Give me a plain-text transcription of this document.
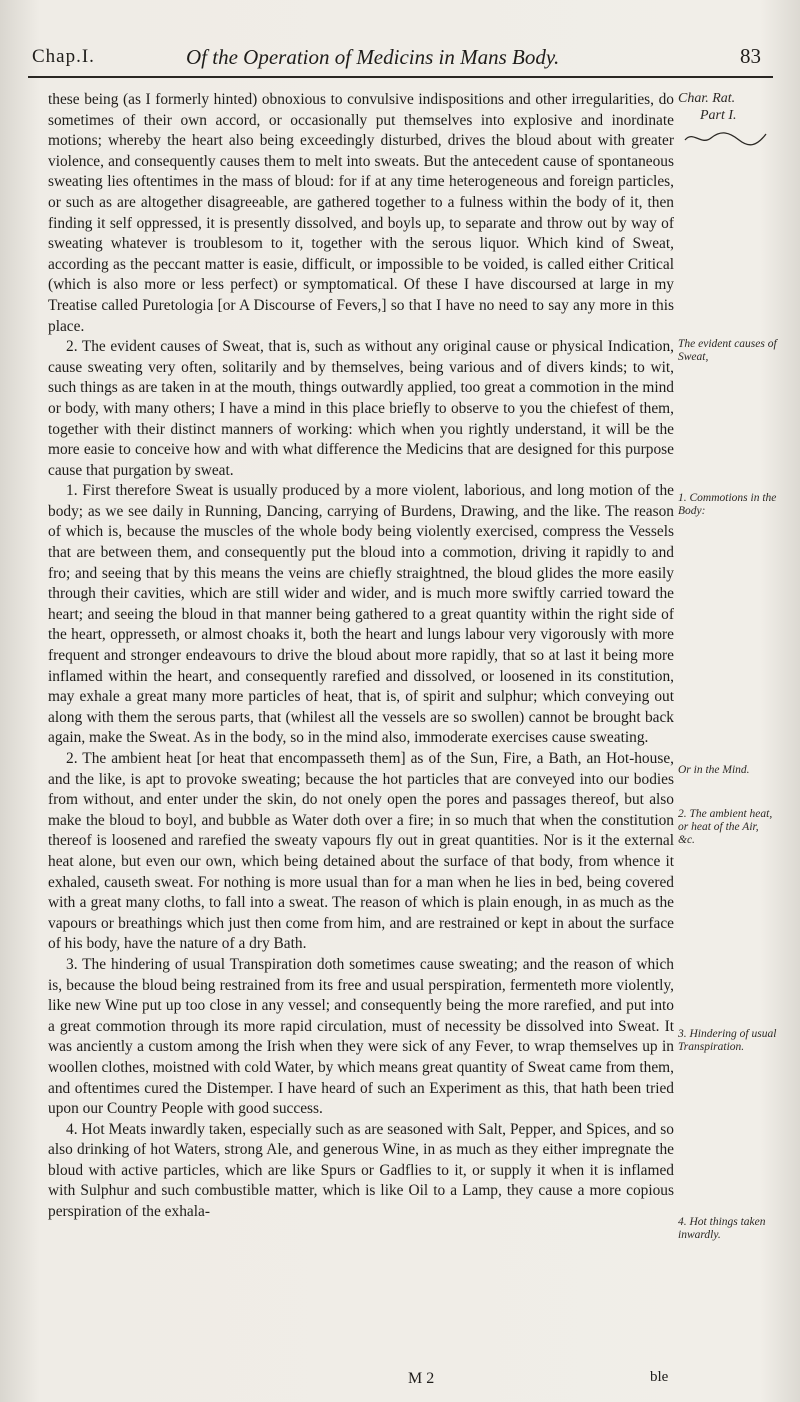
Chap.I.	Of the Operation of Medicins in Mans Body.	83

these being (as I formerly hinted) obnoxious to convulsive indispositions and other irregularities, do sometimes of their own accord, or occasionally put themselves into explosive and inordinate motions; whereby the heart also being exceedingly disturbed, drives the bloud about with greater violence, and consequently causes them to melt into sweats. But the antecedent cause of spontaneous sweating lies oftentimes in the mass of bloud: for if at any time heterogeneous and foreign particles, or such as are altogether disagreeable, are gathered together to a fulness within the body of it, then finding it self oppressed, it is presently dissolved, and boyls up, to separate and throw out by way of sweating whatever is troublesom to it, together with the serous liquor. Which kind of Sweat, according as the peccant matter is easie, difficult, or impossible to be voided, is called either Critical (which is also more or less perfect) or symptomatical. Of these I have discoursed at large in my Treatise called Puretologia [or A Discourse of Fevers,] so that I have no need to say any more in this place.

2. The evident causes of Sweat, that is, such as without any original cause or physical Indication, cause sweating very often, solitarily and by themselves, being various and of divers kinds; to wit, such things as are taken in at the mouth, things outwardly applied, too great a commotion in the mind or body, with many others; I have a mind in this place briefly to observe to you the chiefest of them, together with their distinct manners of working: which when you rightly understand, it will be the more easie to conceive how and with what difference the Medicins that are designed for this purpose cause that purgation by sweat.

1. First therefore Sweat is usually produced by a more violent, laborious, and long motion of the body; as we see daily in Running, Dancing, carrying of Burdens, Drawing, and the like. The reason of which is, because the muscles of the whole body being violently exercised, compress the Vessels that are between them, and consequently put the bloud into a commotion, driving it rapidly to and fro; and seeing that by this means the veins are chiefly straightned, the bloud glides the more easily through their cavities, which are still wider and wider, and is much more swiftly carried toward the heart; and seeing the bloud in that manner being gathered to a great quantity within the right side of the heart, oppresseth, or almost choaks it, both the heart and lungs labour very vigorously with more frequent and stronger endeavours to drive the bloud about more rapidly, that so at last it being more inflamed within the heart, and consequently rarefied and dissolved, or loosened in its constitution, may exhale a great many more particles of heat, that is, of spirit and sulphur; which conveying out along with them the serous parts, that (whilest all the vessels are so swollen) cannot be brought back again, make the Sweat. As in the body, so in the mind also, immoderate exercises cause sweating.

2. The ambient heat [or heat that encompasseth them] as of the Sun, Fire, a Bath, an Hot-house, and the like, is apt to provoke sweating; because the hot particles that are conveyed into our bodies from without, and enter under the skin, do not onely open the pores and passages thereof, but also make the bloud to boyl, and bubble as Water doth over a fire; in so much that when the constitution thereof is loosened and rarefied the sweaty vapours fly out in great quantities. Nor is it the external heat alone, but even our own, which being detained about the surface of that body, from whence it exhaled, causeth sweat. For nothing is more usual than for a man when he lies in bed, being covered with a great many cloths, to fall into a sweat. The reason of which is plain enough, in as much as the vapours or breathings which just then come from him, and are restrained or kept in about the surface of his body, have the nature of a dry Bath.

3. The hindering of usual Transpiration doth sometimes cause sweating; and the reason of which is, because the bloud being restrained from its free and usual perspiration, fermenteth more violently, like new Wine put up too close in any vessel; and consequently being the more rarefied, and put into a great commotion through its more rapid circulation, must of necessity be dissolved into Sweat. It was anciently a custom among the Irish when they were sick of any Fever, to wrap themselves up in woollen clothes, moistned with cold Water, by which means great quantity of Sweat came from them, and oftentimes cured the Distemper. I have heard of such an Experiment as this, that hath been tried upon our Country People with good success.

4. Hot Meats inwardly taken, especially such as are seasoned with Salt, Pepper, and Spices, and so also drinking of hot Waters, strong Ale, and generous Wine, in as much as they either impregnate the bloud with active particles, which are like Spurs or Gadflies to it, or supply it when it is inflamed with Sulphur and such combustible matter, which is like Oil to a Lamp, they cause a more copious perspiration of the exhala-

Char. Rat.
Part I.
The evident causes of Sweat,
1. Commotions in the Body:
Or in the Mind.
2. The ambient heat, or heat of the Air, &c.
3. Hindering of usual Transpiration.
4. Hot things taken inwardly.
M 2	ble
